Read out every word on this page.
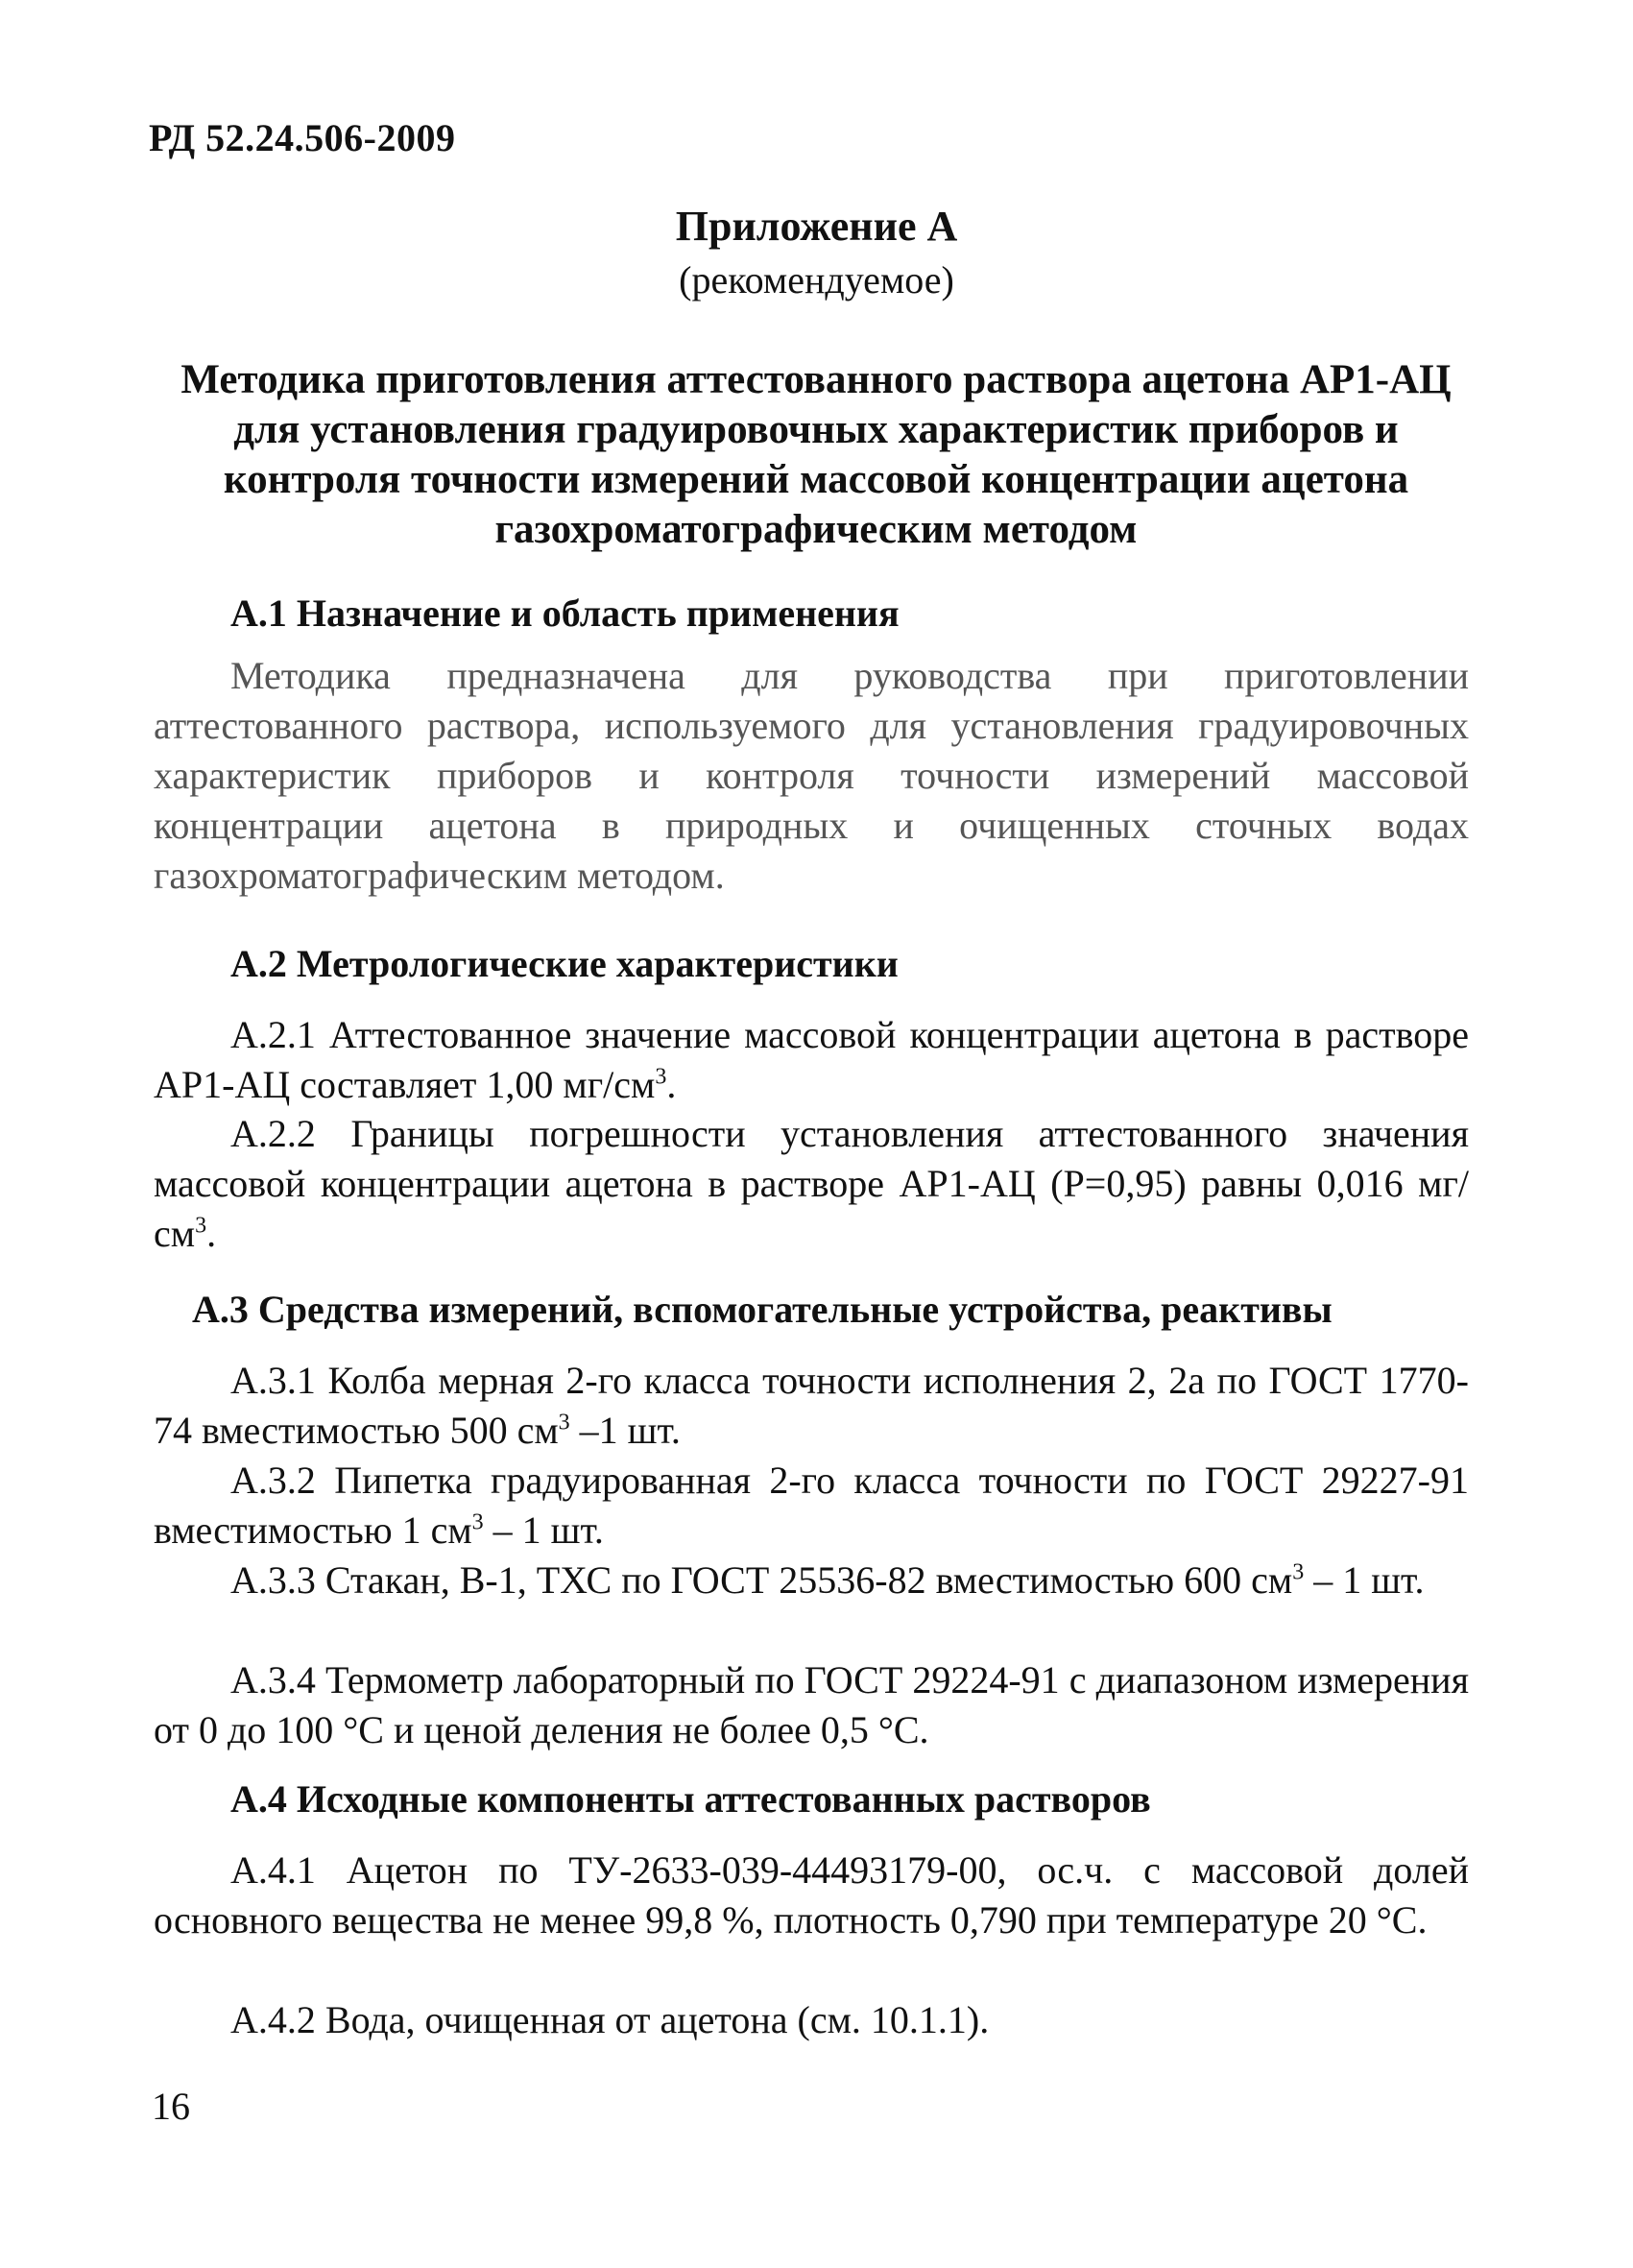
РД 52.24.506-2009
Приложение А
(рекомендуемое)
Методика приготовления аттестованного раствора ацетона АР1-АЦ для установления градуировочных характеристик приборов и контроля точности измерений массовой концентрации ацетона газохроматографическим методом
А.1 Назначение и область применения

Методика предназначена для руководства при приготовлении аттестованного раствора, используемого для установления градуировочных характеристик приборов и контроля точности измерений массовой концентрации ацетона в природных и очищенных сточных водах газохроматографическим методом.

А.2 Метрологические характеристики

А.2.1 Аттестованное значение массовой концентрации ацетона в растворе АР1-АЦ составляет 1,00 $мг/см^3$.

А.2.2 Границы погрешности установления аттестованного значения массовой концентрации ацетона в растворе АР1-АЦ (Р=0,95) равны 0,016 $мг/см^3$.

А.3 Средства измерений, вспомогательные устройства, реактивы

А.3.1 Колба мерная 2-го класса точности исполнения 2, 2а по ГОСТ 1770-74 вместимостью 500 $см^3$ –1 шт.

А.3.2 Пипетка градуированная 2-го класса точности по ГОСТ 29227-91 вместимостью 1 $см^3 - 1$ шт.

А.3.3 Стакан, В-1, ТХС по ГОСТ 25536-82 вместимостью 600 $см^3 - 1$ шт.

А.3.4 Термометр лабораторный по ГОСТ 29224-91 с диапазоном измерения от 0 до 100 °С и ценой деления не более 0,5 °С.

А.4 Исходные компоненты аттестованных растворов

А.4.1 Ацетон по ТУ-2633-039-44493179-00, ос.ч. с массовой долей основного вещества не менее 99,8 %, плотность 0,790 при температуре 20 °С.

А.4.2 Вода, очищенная от ацетона (см. 10.1.1).

16
